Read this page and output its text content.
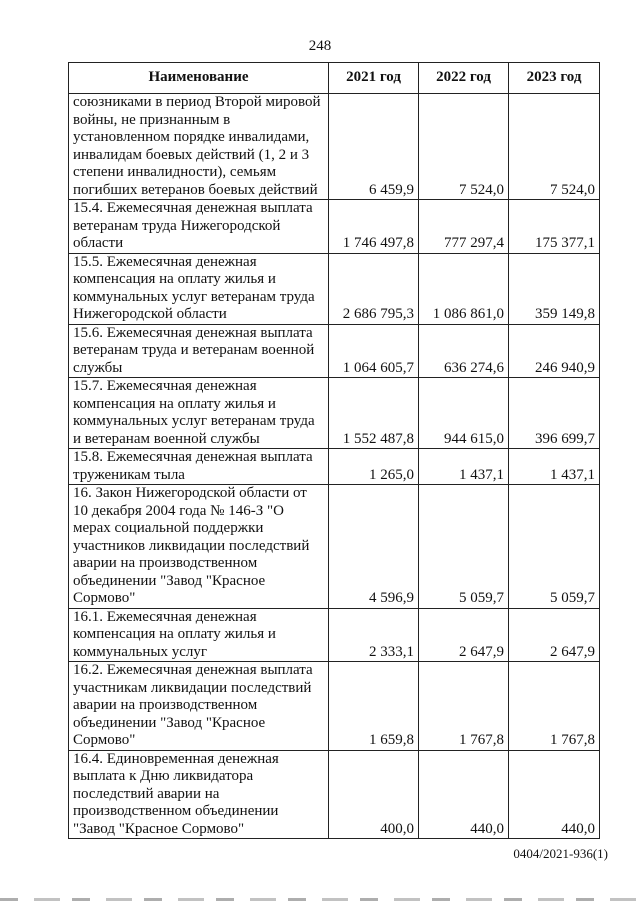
248
Наименование	2021 год	2022 год	2023 год
союзниками в период Второй мировой войны, не признанным в установленном порядке инвалидами, инвалидам боевых действий (1, 2 и 3 степени инвалидности), семьям погибших ветеранов боевых действий	6 459,9	7 524,0	7 524,0
15.4. Ежемесячная денежная выплата ветеранам труда Нижегородской области	1 746 497,8	777 297,4	175 377,1
15.5. Ежемесячная денежная компенсация на оплату жилья и коммунальных услуг ветеранам труда Нижегородской области	2 686 795,3	1 086 861,0	359 149,8
15.6. Ежемесячная денежная выплата ветеранам труда и ветеранам военной службы	1 064 605,7	636 274,6	246 940,9
15.7. Ежемесячная денежная компенсация на оплату жилья и коммунальных услуг ветеранам труда и ветеранам военной службы	1 552 487,8	944 615,0	396 699,7
15.8. Ежемесячная денежная выплата труженикам тыла	1 265,0	1 437,1	1 437,1
16. Закон Нижегородской области от 10 декабря 2004 года № 146-З "О мерах социальной поддержки участников ликвидации последствий аварии на производственном объединении "Завод "Красное Сормово"	4 596,9	5 059,7	5 059,7
16.1. Ежемесячная денежная компенсация на оплату жилья и коммунальных услуг	2 333,1	2 647,9	2 647,9
16.2. Ежемесячная денежная выплата участникам ликвидации последствий аварии на производственном объединении "Завод "Красное Сормово"	1 659,8	1 767,8	1 767,8
16.4. Единовременная денежная выплата к Дню ликвидатора последствий аварии на производственном объединении "Завод "Красное Сормово"	400,0	440,0	440,0
0404/2021-936(1)
